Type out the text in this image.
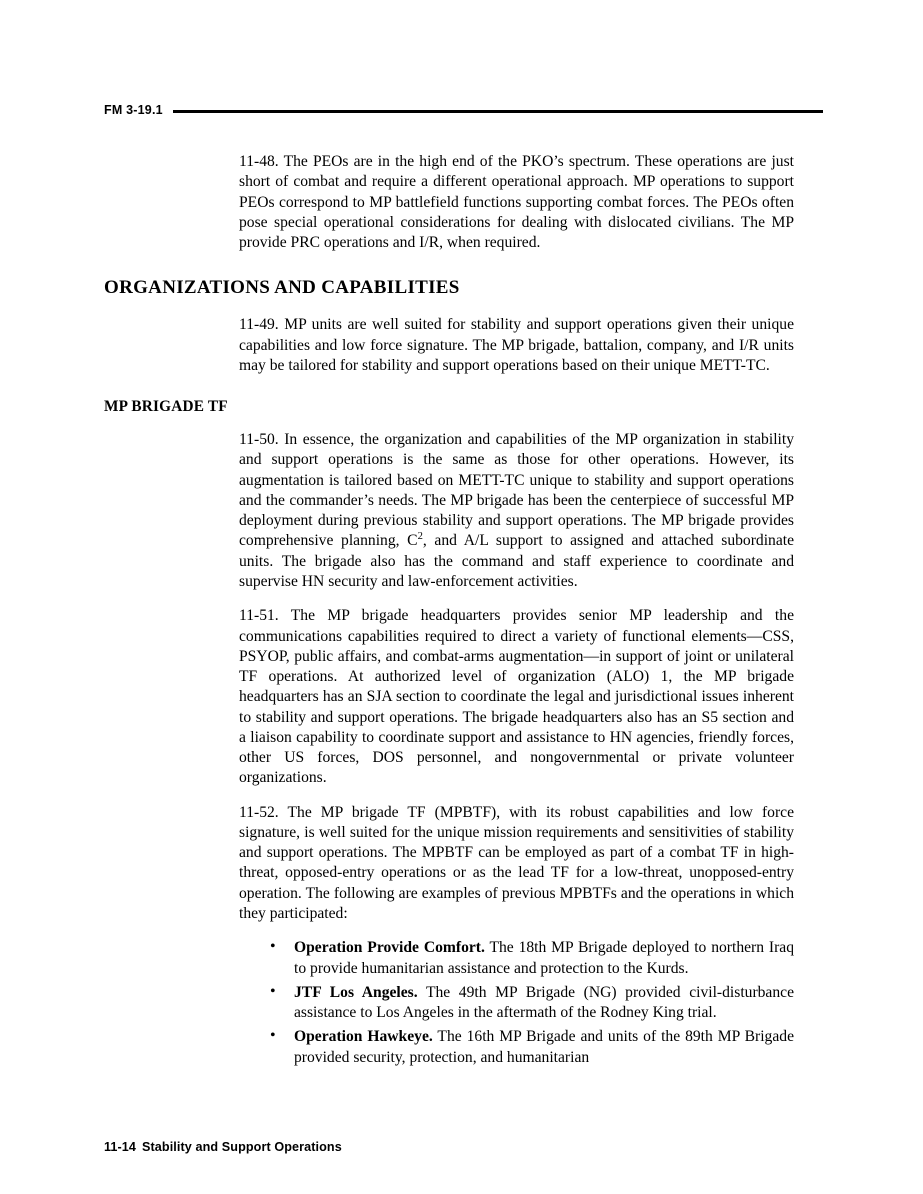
FM 3-19.1

11-48. The PEOs are in the high end of the PKO’s spectrum. These operations are just short of combat and require a different operational approach. MP operations to support PEOs correspond to MP battlefield functions supporting combat forces. The PEOs often pose special operational considerations for dealing with dislocated civilians. The MP provide PRC operations and I/R, when required.

ORGANIZATIONS AND CAPABILITIES

11-49. MP units are well suited for stability and support operations given their unique capabilities and low force signature. The MP brigade, battalion, company, and I/R units may be tailored for stability and support operations based on their unique METT-TC.

MP BRIGADE TF

11-50. In essence, the organization and capabilities of the MP organization in stability and support operations is the same as those for other operations. However, its augmentation is tailored based on METT-TC unique to stability and support operations and the commander’s needs. The MP brigade has been the centerpiece of successful MP deployment during previous stability and support operations. The MP brigade provides comprehensive planning, $C^2$, and A/L support to assigned and attached subordinate units. The brigade also has the command and staff experience to coordinate and supervise HN security and law-enforcement activities.

11-51. The MP brigade headquarters provides senior MP leadership and the communications capabilities required to direct a variety of functional elements—CSS, PSYOP, public affairs, and combat-arms augmentation—in support of joint or unilateral TF operations. At authorized level of organization (ALO) 1, the MP brigade headquarters has an SJA section to coordinate the legal and jurisdictional issues inherent to stability and support operations. The brigade headquarters also has an S5 section and a liaison capability to coordinate support and assistance to HN agencies, friendly forces, other US forces, DOS personnel, and nongovernmental or private volunteer organizations.

11-52. The MP brigade TF (MPBTF), with its robust capabilities and low force signature, is well suited for the unique mission requirements and sensitivities of stability and support operations. The MPBTF can be employed as part of a combat TF in high-threat, opposed-entry operations or as the lead TF for a low-threat, unopposed-entry operation. The following are examples of previous MPBTFs and the operations in which they participated:

• Operation Provide Comfort. The 18th MP Brigade deployed to northern Iraq to provide humanitarian assistance and protection to the Kurds.
• JTF Los Angeles. The 49th MP Brigade (NG) provided civil-disturbance assistance to Los Angeles in the aftermath of the Rodney King trial.
• Operation Hawkeye. The 16th MP Brigade and units of the 89th MP Brigade provided security, protection, and humanitarian
11-14 Stability and Support Operations
